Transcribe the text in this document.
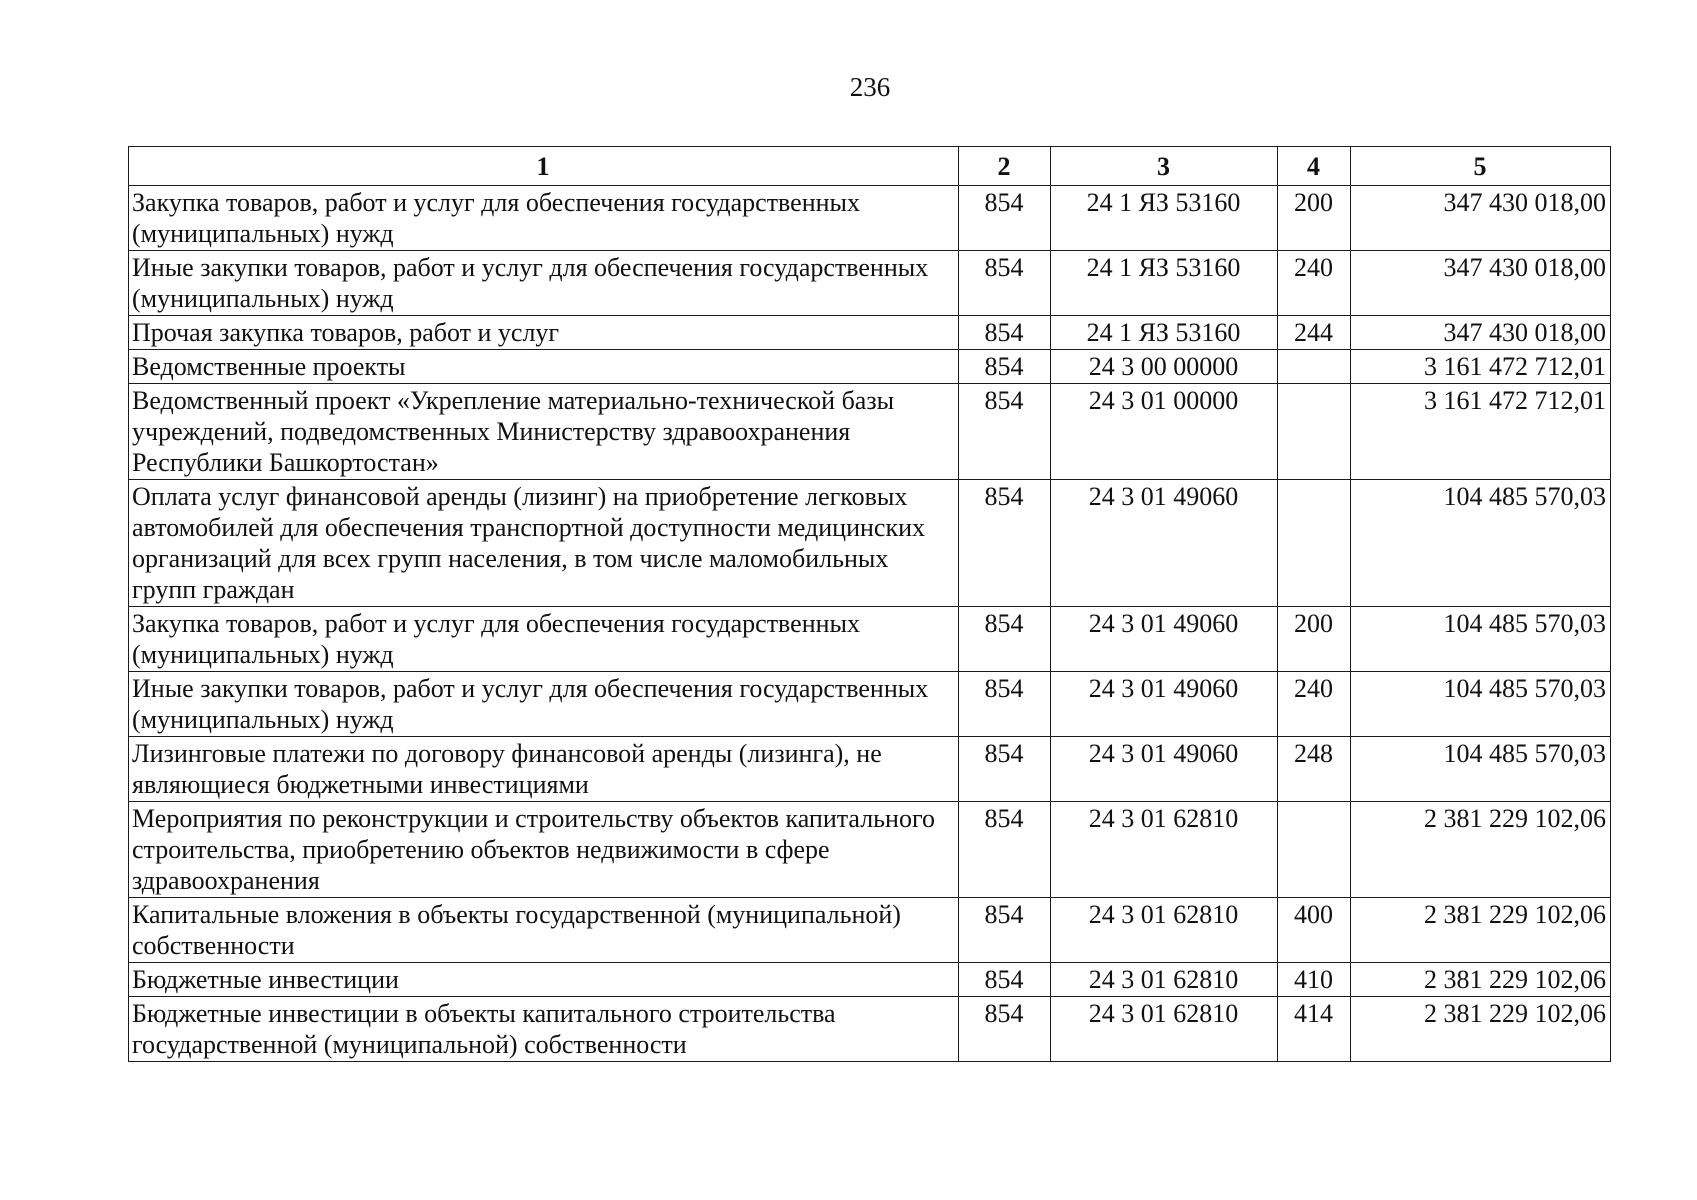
236
1	2	3	4	5
Закупка товаров, работ и услуг для обеспечения государственных (муниципальных) нужд	854	24 1 ЯЗ 53160	200	347 430 018,00
Иные закупки товаров, работ и услуг для обеспечения государственных (муниципальных) нужд	854	24 1 ЯЗ 53160	240	347 430 018,00
Прочая закупка товаров, работ и услуг	854	24 1 ЯЗ 53160	244	347 430 018,00
Ведомственные проекты	854	24 3 00 00000		3 161 472 712,01
Ведомственный проект «Укрепление материально-технической базы учреждений, подведомственных Министерству здравоохранения Республики Башкортостан»	854	24 3 01 00000		3 161 472 712,01
Оплата услуг финансовой аренды (лизинг) на приобретение легковых автомобилей для обеспечения транспортной доступности медицинских организаций для всех групп населения, в том числе маломобильных групп граждан	854	24 3 01 49060		104 485 570,03
Закупка товаров, работ и услуг для обеспечения государственных (муниципальных) нужд	854	24 3 01 49060	200	104 485 570,03
Иные закупки товаров, работ и услуг для обеспечения государственных (муниципальных) нужд	854	24 3 01 49060	240	104 485 570,03
Лизинговые платежи по договору финансовой аренды (лизинга), не являющиеся бюджетными инвестициями	854	24 3 01 49060	248	104 485 570,03
Мероприятия по реконструкции и строительству объектов капитального строительства, приобретению объектов недвижимости в сфере здравоохранения	854	24 3 01 62810		2 381 229 102,06
Капитальные вложения в объекты государственной (муниципальной) собственности	854	24 3 01 62810	400	2 381 229 102,06
Бюджетные инвестиции	854	24 3 01 62810	410	2 381 229 102,06
Бюджетные инвестиции в объекты капитального строительства государственной (муниципальной) собственности	854	24 3 01 62810	414	2 381 229 102,06
